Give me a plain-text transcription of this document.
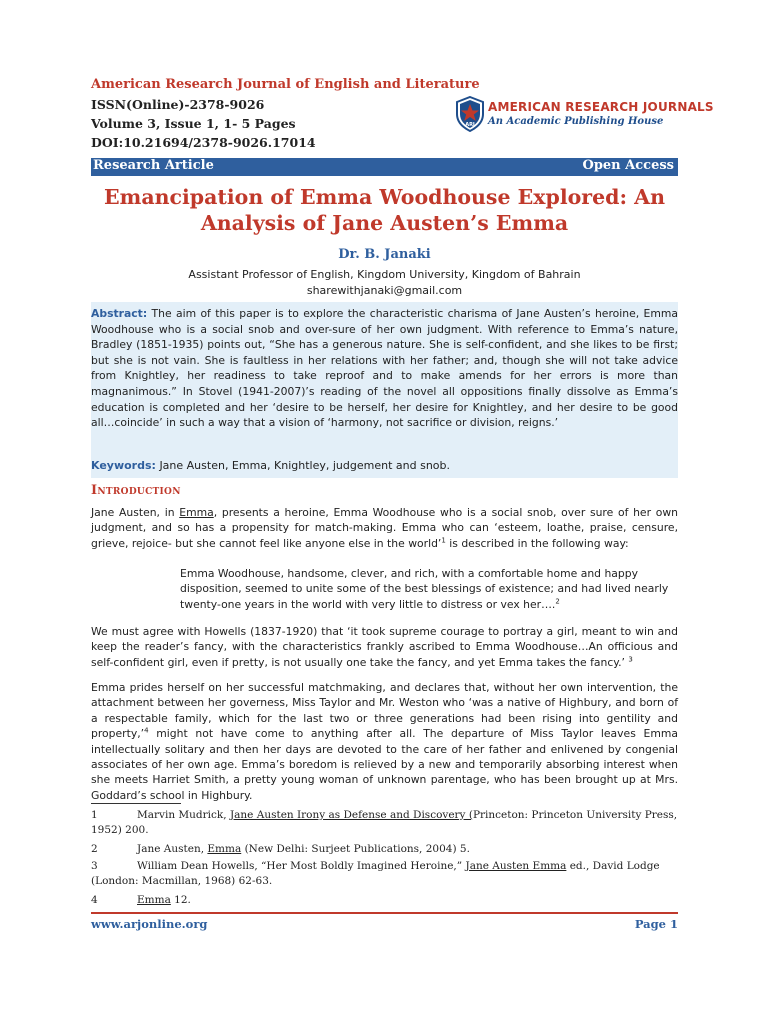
American Research Journal of English and Literature
ISSN(Online)-2378-9026
Volume 3, Issue 1, 1- 5 Pages
DOI:10.21694/2378-9026.17014
ARJ
AMERICAN RESEARCH JOURNALS
An Academic Publishing House
Research Article	Open Access
Emancipation of Emma Woodhouse Explored: An
Analysis of Jane Austen’s Emma
Dr. B. Janaki
Assistant Professor of English, Kingdom University, Kingdom of Bahrain
sharewithjanaki@gmail.com
Abstract: The aim of this paper is to explore the characteristic charisma of Jane Austen’s heroine, Emma Woodhouse who is a social snob and over-sure of her own judgment. With reference to Emma’s nature, Bradley (1851-1935) points out, “She has a generous nature. She is self-confident, and she likes to be first; but she is not vain. She is faultless in her relations with her father; and, though she will not take advice from Knightley, her readiness to take reproof and to make amends for her errors is more than magnanimous.” In Stovel (1941-2007)’s reading of the novel all oppositions finally dissolve as Emma’s education is completed and her ‘desire to be herself, her desire for Knightley, and her desire to be good all…coincide’ in such a way that a vision of ‘harmony, not sacrifice or division, reigns.’
Keywords: Jane Austen, Emma, Knightley, judgement and snob.
Introduction
Jane Austen, in Emma, presents a heroine, Emma Woodhouse who is a social snob, over sure of her own judgment, and so has a propensity for match-making. Emma who can ‘esteem, loathe, praise, censure, grieve, rejoice- but she cannot feel like anyone else in the world’$^1$ is described in the following way:
Emma Woodhouse, handsome, clever, and rich, with a comfortable home and happy disposition, seemed to unite some of the best blessings of existence; and had lived nearly twenty-one years in the world with very little to distress or vex her….$^2$
We must agree with Howells (1837-1920) that ‘it took supreme courage to portray a girl, meant to win and keep the reader’s fancy, with the characteristics frankly ascribed to Emma Woodhouse…An officious and self-confident girl, even if pretty, is not usually one take the fancy, and yet Emma takes the fancy.’ $^3$
Emma prides herself on her successful matchmaking, and declares that, without her own intervention, the attachment between her governess, Miss Taylor and Mr. Weston who ‘was a native of Highbury, and born of a respectable family, which for the last two or three generations had been rising into gentility and property,’$^4$ might not have come to anything after all. The departure of Miss Taylor leaves Emma intellectually solitary and then her days are devoted to the care of her father and enlivened by congenial associates of her own age. Emma’s boredom is relieved by a new and temporarily absorbing interest when she meets Harriet Smith, a pretty young woman of unknown parentage, who has been brought up at Mrs. Goddard’s school in Highbury.
1	Marvin Mudrick, Jane Austen Irony as Defense and Discovery (Princeton: Princeton University Press, 1952) 200.
2	Jane Austen, Emma (New Delhi: Surjeet Publications, 2004) 5.
3	William Dean Howells, “Her Most Boldly Imagined Heroine,” Jane Austen Emma ed., David Lodge (London: Macmillan, 1968) 62-63.
4	Emma 12.
www.arjonline.org	Page 1
